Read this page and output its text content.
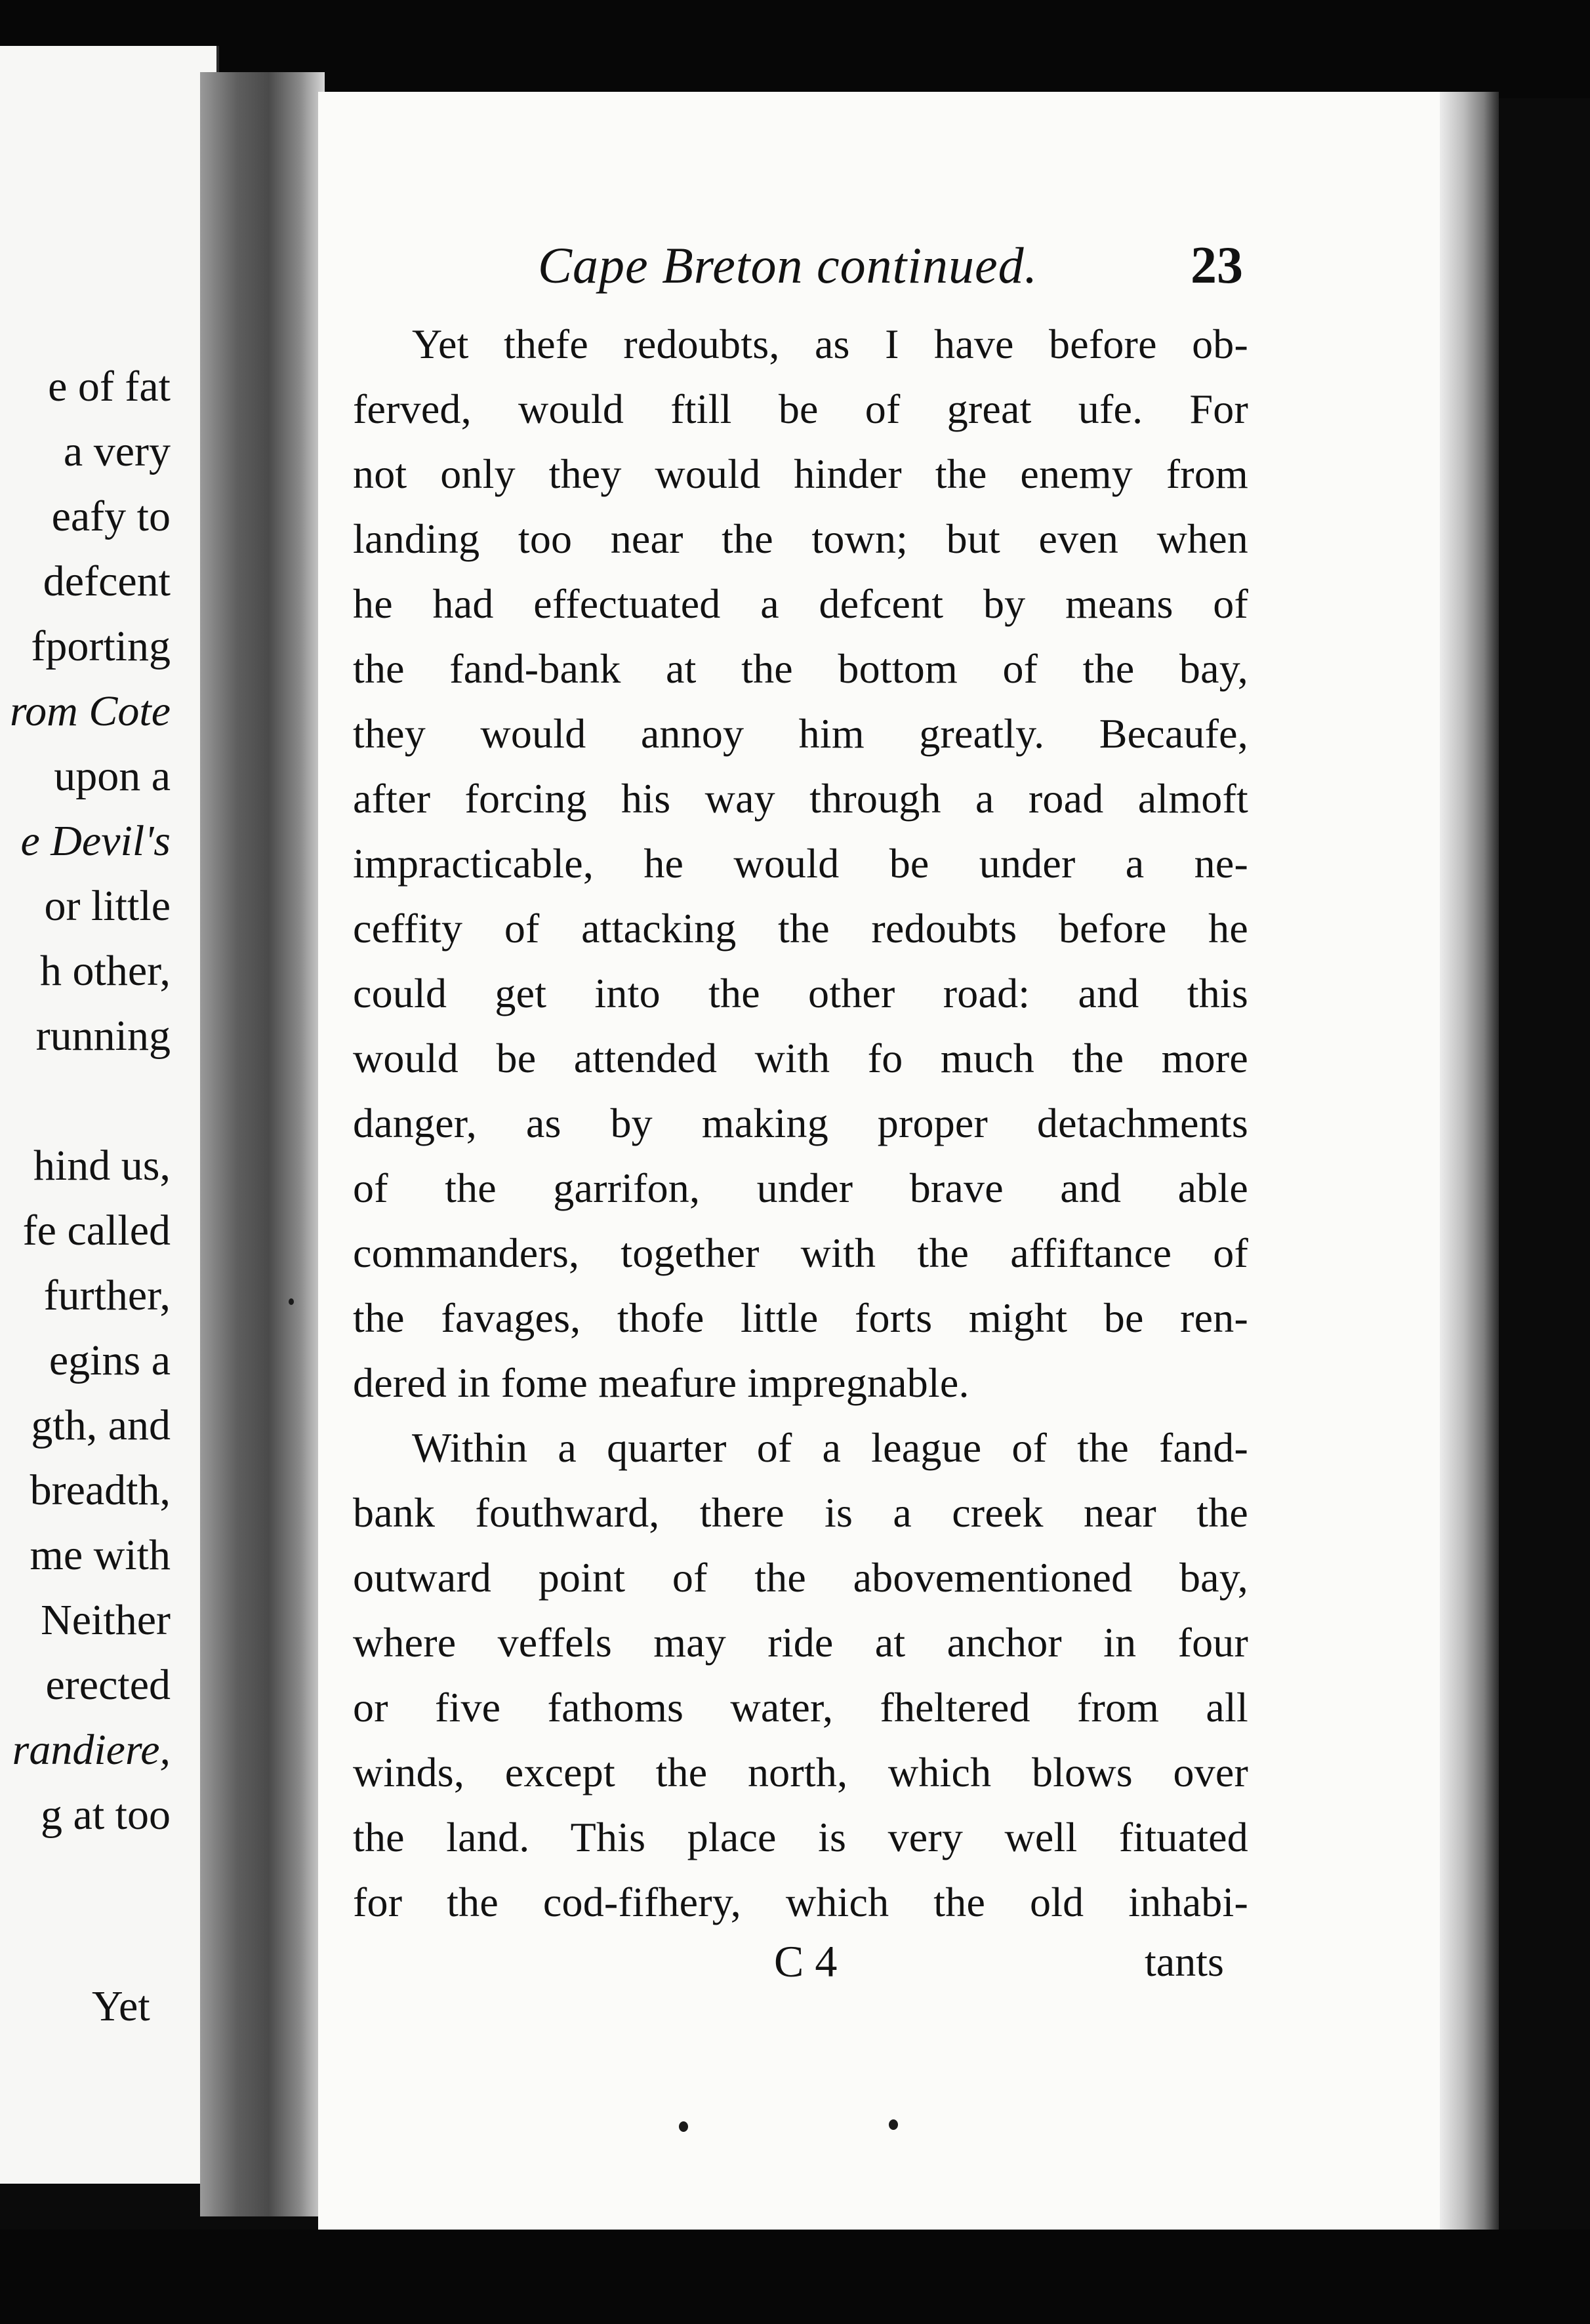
e of fat
a very
eafy to
defcent
fporting
rom Cote
upon a
e Devil's
or little
h other,
running
hind us,
fe called
further,
egins a
gth, and
breadth,
me with
Neither
erected
randiere,
g at too
Yet
Cape Breton continued.	23
Yet thefe redoubts, as I have before ob-
ferved, would ftill be of great ufe. For
not only they would hinder the enemy from
landing too near the town; but even when
he had effectuated a defcent by means of
the fand-bank at the bottom of the bay,
they would annoy him greatly. Becaufe,
after forcing his way through a road almoft
impracticable, he would be under a ne-
ceffity of attacking the redoubts before he
could get into the other road: and this
would be attended with fo much the more
danger, as by making proper detachments
of the garrifon, under brave and able
commanders, together with the affiftance of
the favages, thofe little forts might be ren-
dered in fome meafure impregnable.
Within a quarter of a league of the fand-
bank fouthward, there is a creek near the
outward point of the abovementioned bay,
where veffels may ride at anchor in four
or five fathoms water, fheltered from all
winds, except the north, which blows over
the land. This place is very well fituated
for the cod-fifhery, which the old inhabi-
C 4	tants
